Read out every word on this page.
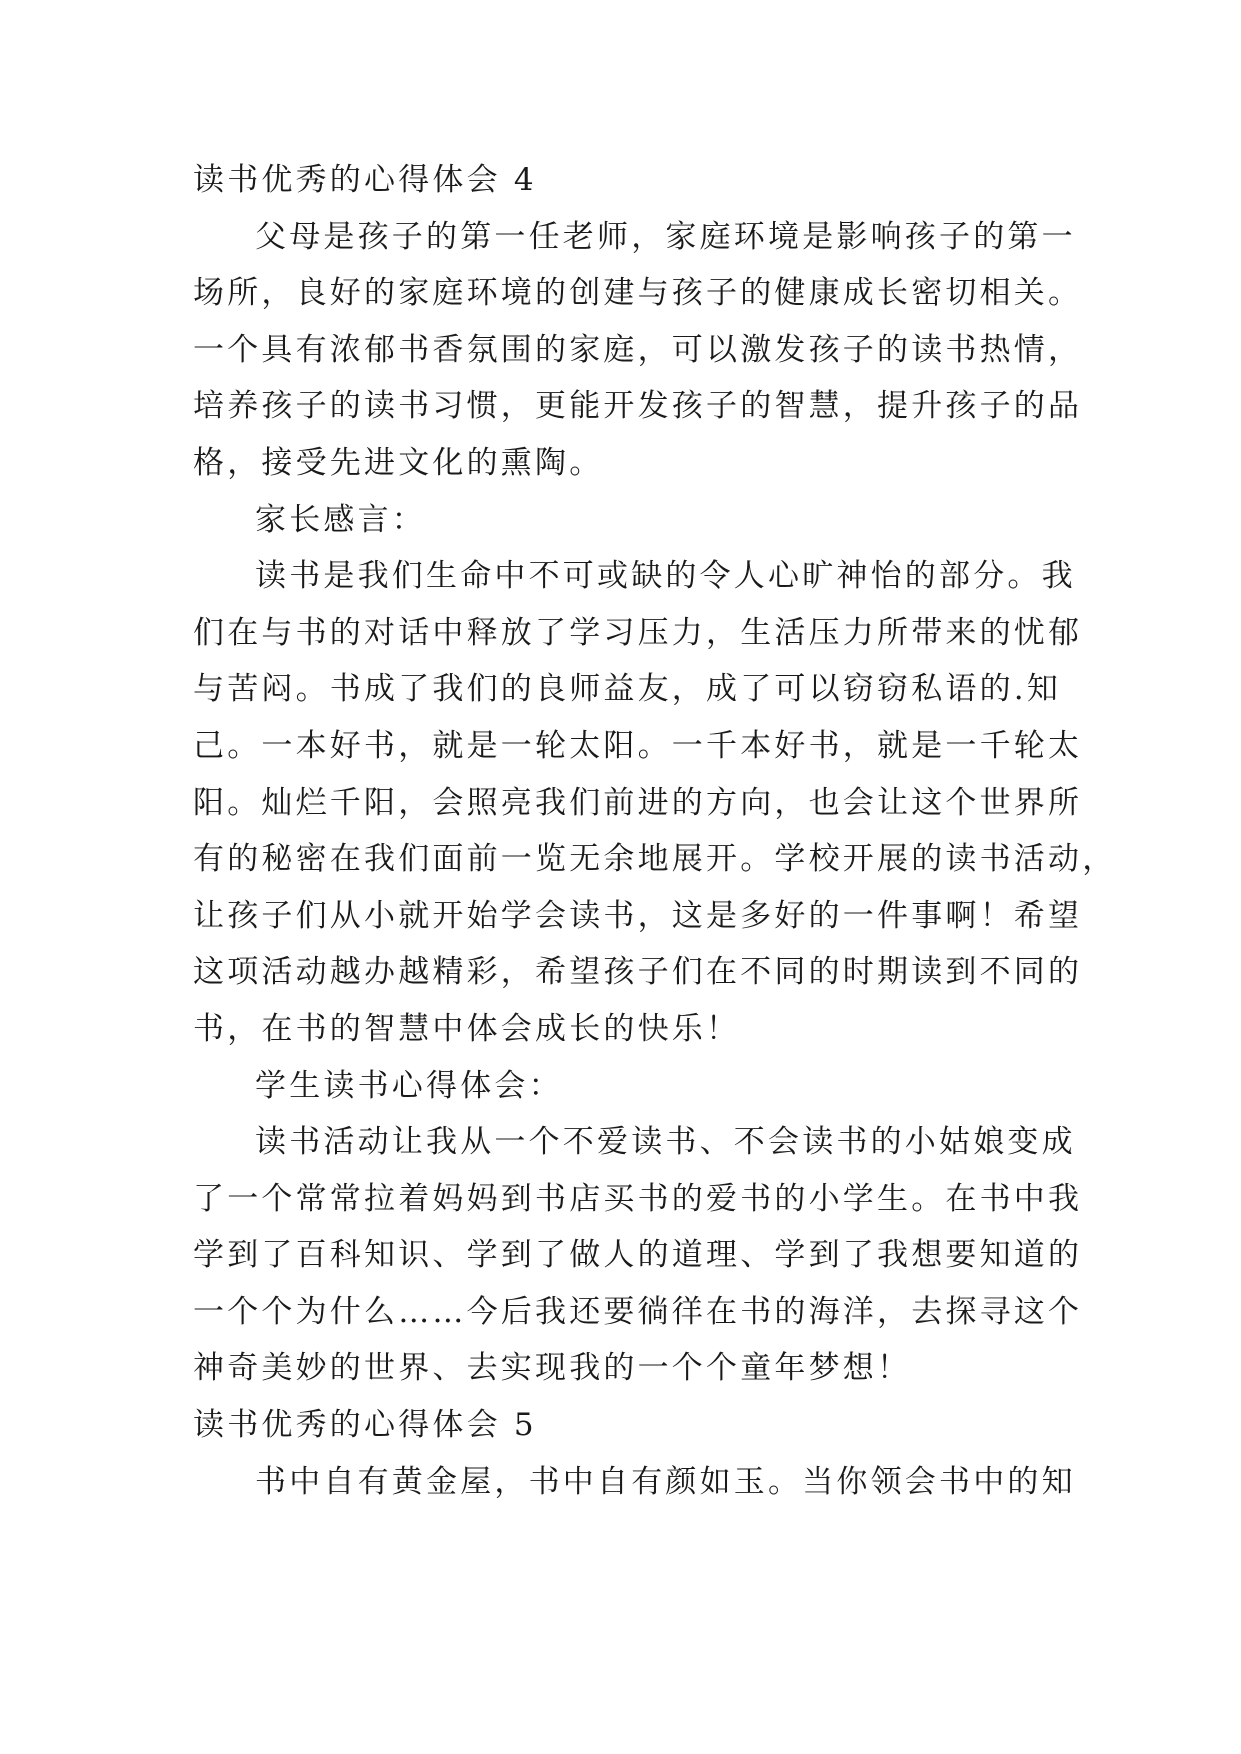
读书优秀的心得体会 4

父母是孩子的第一任老师，家庭环境是影响孩子的第一
场所，良好的家庭环境的创建与孩子的健康成长密切相关。
一个具有浓郁书香氛围的家庭，可以激发孩子的读书热情，
培养孩子的读书习惯，更能开发孩子的智慧，提升孩子的品
格，接受先进文化的熏陶。

家长感言：

读书是我们生命中不可或缺的令人心旷神怡的部分。我
们在与书的对话中释放了学习压力，生活压力所带来的忧郁
与苦闷。书成了我们的良师益友，成了可以窃窃私语的.知
己。一本好书，就是一轮太阳。一千本好书，就是一千轮太
阳。灿烂千阳，会照亮我们前进的方向，也会让这个世界所
有的秘密在我们面前一览无余地展开。学校开展的读书活动，
让孩子们从小就开始学会读书，这是多好的一件事啊！希望
这项活动越办越精彩，希望孩子们在不同的时期读到不同的
书，在书的智慧中体会成长的快乐！

学生读书心得体会：

读书活动让我从一个不爱读书、不会读书的小姑娘变成
了一个常常拉着妈妈到书店买书的爱书的小学生。在书中我
学到了百科知识、学到了做人的道理、学到了我想要知道的
一个个为什么……今后我还要徜徉在书的海洋，去探寻这个
神奇美妙的世界、去实现我的一个个童年梦想！

读书优秀的心得体会 5

书中自有黄金屋，书中自有颜如玉。当你领会书中的知
